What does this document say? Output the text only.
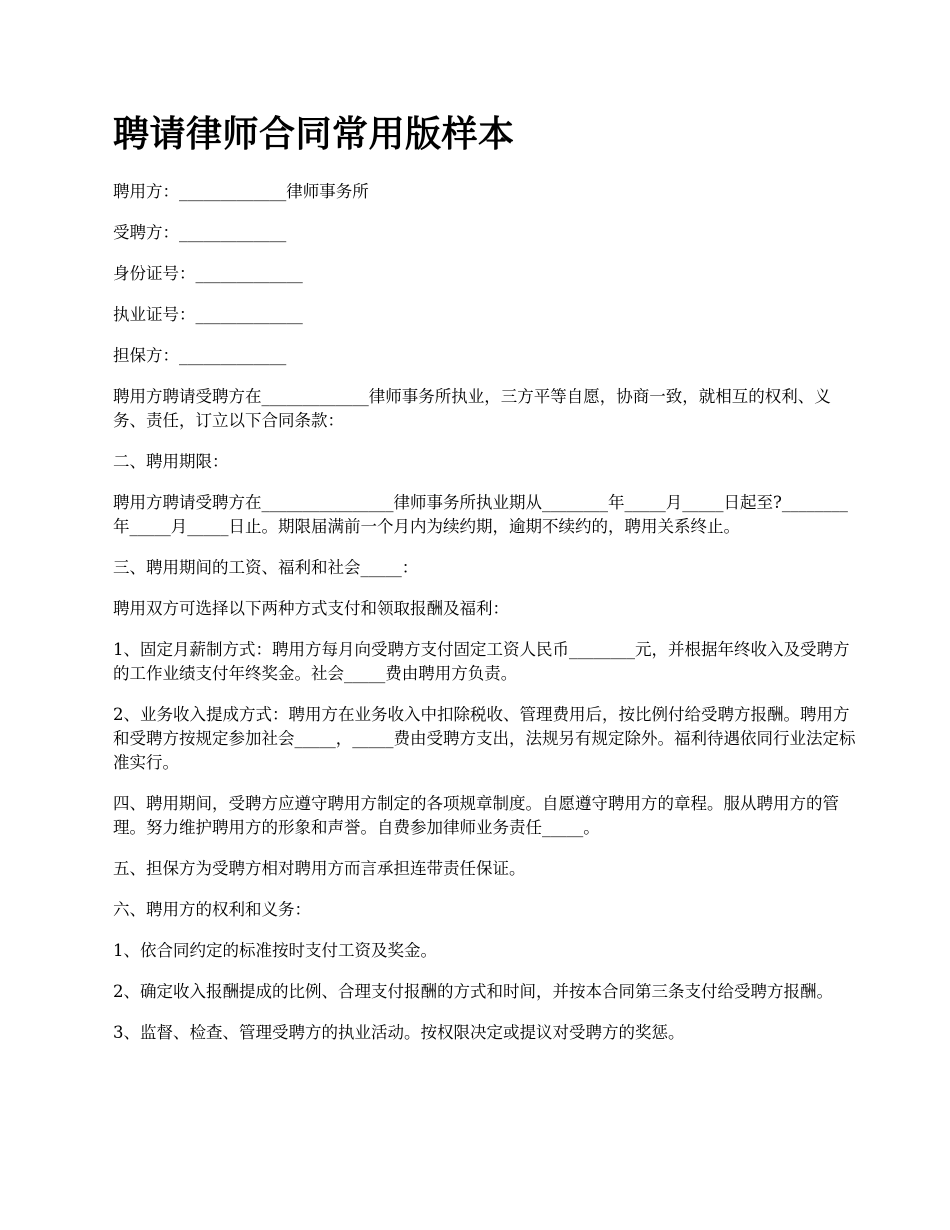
聘请律师合同常用版样本

聘用方：_____________律师事务所

受聘方：_____________

身份证号：_____________

执业证号：_____________

担保方：_____________

聘用方聘请受聘方在_____________律师事务所执业，三方平等自愿，协商一致，就相互的权利、义务、责任，订立以下合同条款：

二、聘用期限：

聘用方聘请受聘方在________________律师事务所执业期从________年_____月_____日起至?________年_____月_____日止。期限届满前一个月内为续约期，逾期不续约的，聘用关系终止。

三、聘用期间的工资、福利和社会_____：

聘用双方可选择以下两种方式支付和领取报酬及福利：

1、固定月薪制方式：聘用方每月向受聘方支付固定工资人民币________元，并根据年终收入及受聘方的工作业绩支付年终奖金。社会_____费由聘用方负责。

2、业务收入提成方式：聘用方在业务收入中扣除税收、管理费用后，按比例付给受聘方报酬。聘用方和受聘方按规定参加社会_____，_____费由受聘方支出，法规另有规定除外。福利待遇依同行业法定标准实行。

四、聘用期间，受聘方应遵守聘用方制定的各项规章制度。自愿遵守聘用方的章程。服从聘用方的管理。努力维护聘用方的形象和声誉。自费参加律师业务责任_____。

五、担保方为受聘方相对聘用方而言承担连带责任保证。

六、聘用方的权利和义务：

1、依合同约定的标准按时支付工资及奖金。

2、确定收入报酬提成的比例、合理支付报酬的方式和时间，并按本合同第三条支付给受聘方报酬。

3、监督、检查、管理受聘方的执业活动。按权限决定或提议对受聘方的奖惩。
